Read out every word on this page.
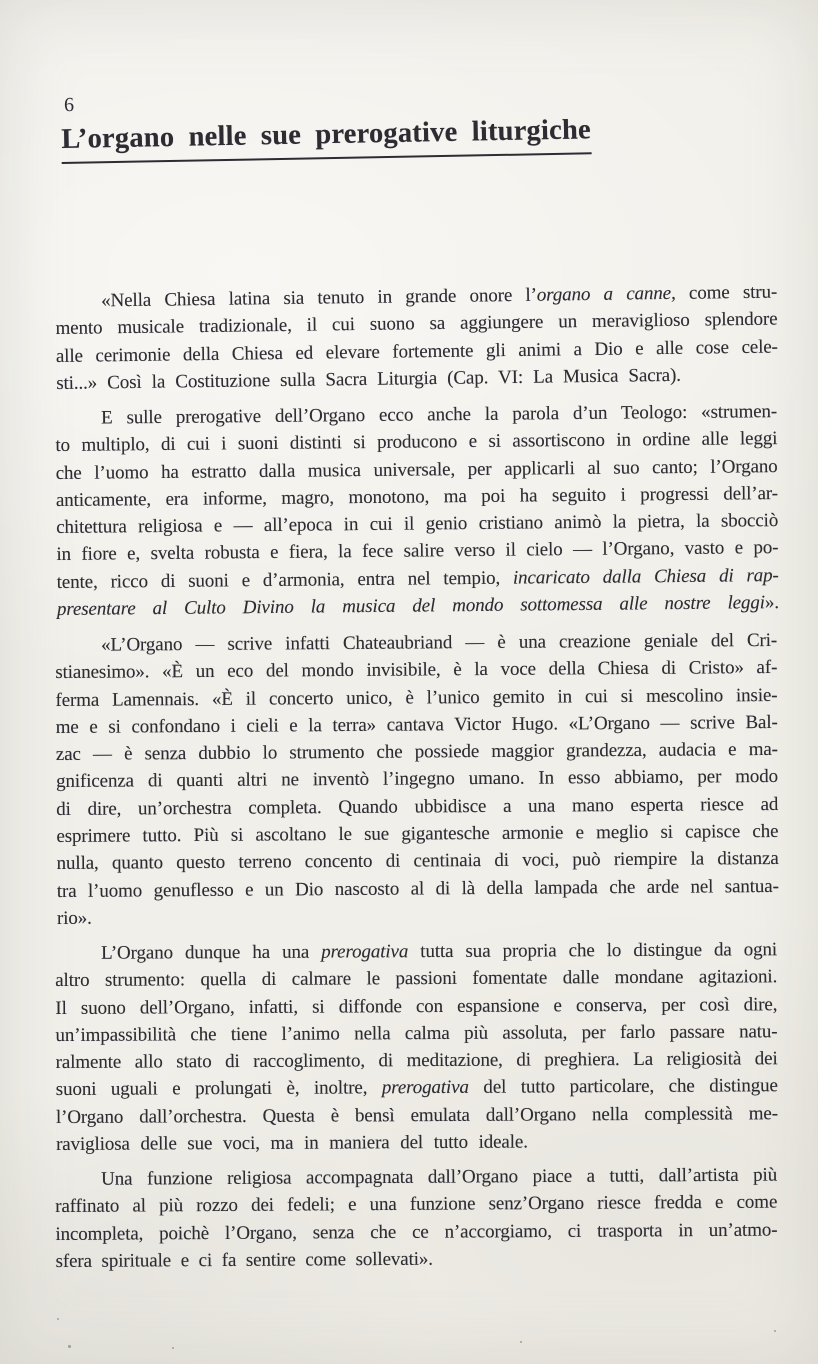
6
L’organo nelle sue prerogative liturgiche
«Nella Chiesa latina sia tenuto in grande onore l’organo a canne, come stru-
mento musicale tradizionale, il cui suono sa aggiungere un meraviglioso splendore
alle cerimonie della Chiesa ed elevare fortemente gli animi a Dio e alle cose cele-
sti...» Così la Costituzione sulla Sacra Liturgia (Cap. VI: La Musica Sacra).
E sulle prerogative dell’Organo ecco anche la parola d’un Teologo: «strumen-
to multiplo, di cui i suoni distinti si producono e si assortiscono in ordine alle leggi
che l’uomo ha estratto dalla musica universale, per applicarli al suo canto; l’Organo
anticamente, era informe, magro, monotono, ma poi ha seguito i progressi dell’ar-
chitettura religiosa e — all’epoca in cui il genio cristiano animò la pietra, la sbocciò
in fiore e, svelta robusta e fiera, la fece salire verso il cielo — l’Organo, vasto e po-
tente, ricco di suoni e d’armonia, entra nel tempio, incaricato dalla Chiesa di rap-
presentare al Culto Divino la musica del mondo sottomessa alle nostre leggi».
«L’Organo — scrive infatti Chateaubriand — è una creazione geniale del Cri-
stianesimo». «È un eco del mondo invisibile, è la voce della Chiesa di Cristo» af-
ferma Lamennais. «È il concerto unico, è l’unico gemito in cui si mescolino insie-
me e si confondano i cieli e la terra» cantava Victor Hugo. «L’Organo — scrive Bal-
zac — è senza dubbio lo strumento che possiede maggior grandezza, audacia e ma-
gnificenza di quanti altri ne inventò l’ingegno umano. In esso abbiamo, per modo
di dire, un’orchestra completa. Quando ubbidisce a una mano esperta riesce ad
esprimere tutto. Più si ascoltano le sue gigantesche armonie e meglio si capisce che
nulla, quanto questo terreno concento di centinaia di voci, può riempire la distanza
tra l’uomo genuflesso e un Dio nascosto al di là della lampada che arde nel santua-
rio».
L’Organo dunque ha una prerogativa tutta sua propria che lo distingue da ogni
altro strumento: quella di calmare le passioni fomentate dalle mondane agitazioni.
Il suono dell’Organo, infatti, si diffonde con espansione e conserva, per così dire,
un’impassibilità che tiene l’animo nella calma più assoluta, per farlo passare natu-
ralmente allo stato di raccoglimento, di meditazione, di preghiera. La religiosità dei
suoni uguali e prolungati è, inoltre, prerogativa del tutto particolare, che distingue
l’Organo dall’orchestra. Questa è bensì emulata dall’Organo nella complessità me-
ravigliosa delle sue voci, ma in maniera del tutto ideale.
Una funzione religiosa accompagnata dall’Organo piace a tutti, dall’artista più
raffinato al più rozzo dei fedeli; e una funzione senz’Organo riesce fredda e come
incompleta, poichè l’Organo, senza che ce n’accorgiamo, ci trasporta in un’atmo-
sfera spirituale e ci fa sentire come sollevati».
